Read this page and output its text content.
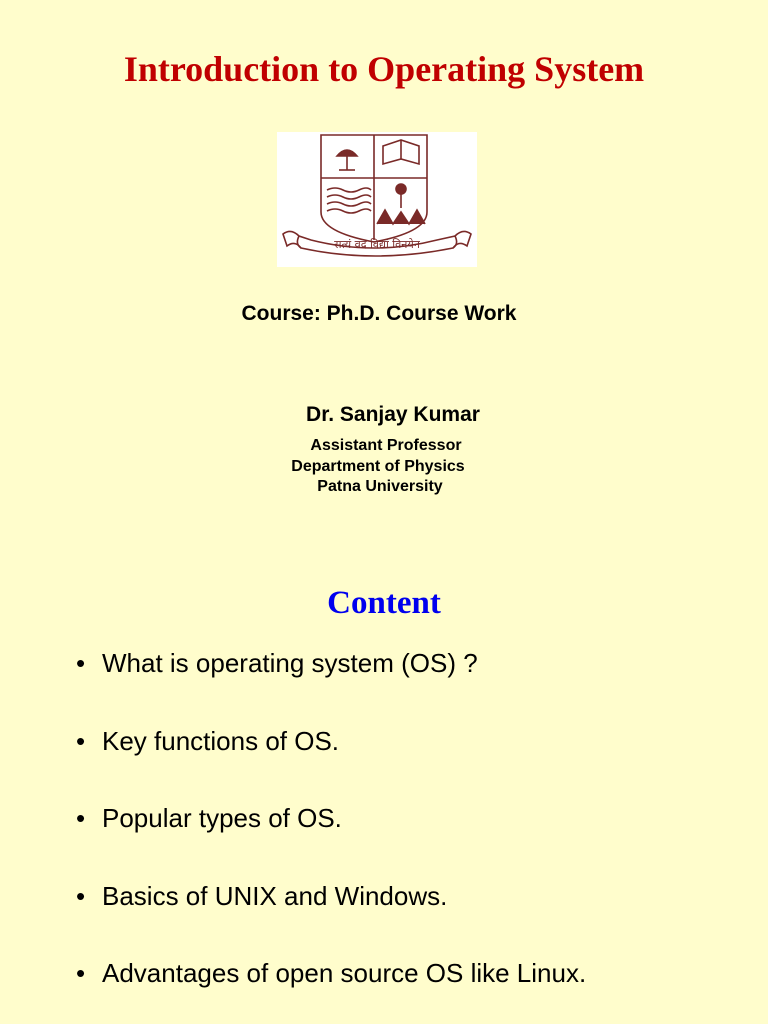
Introduction to Operating System
सत्यं वद विद्यां विनयेन
Course: Ph.D. Course Work
Dr. Sanjay Kumar
Assistant Professor
Department of Physics
Patna University
Content
• What is operating system (OS) ?
• Key functions of OS.
• Popular types of OS.
• Basics of UNIX and Windows.
• Advantages of open source OS like Linux.
